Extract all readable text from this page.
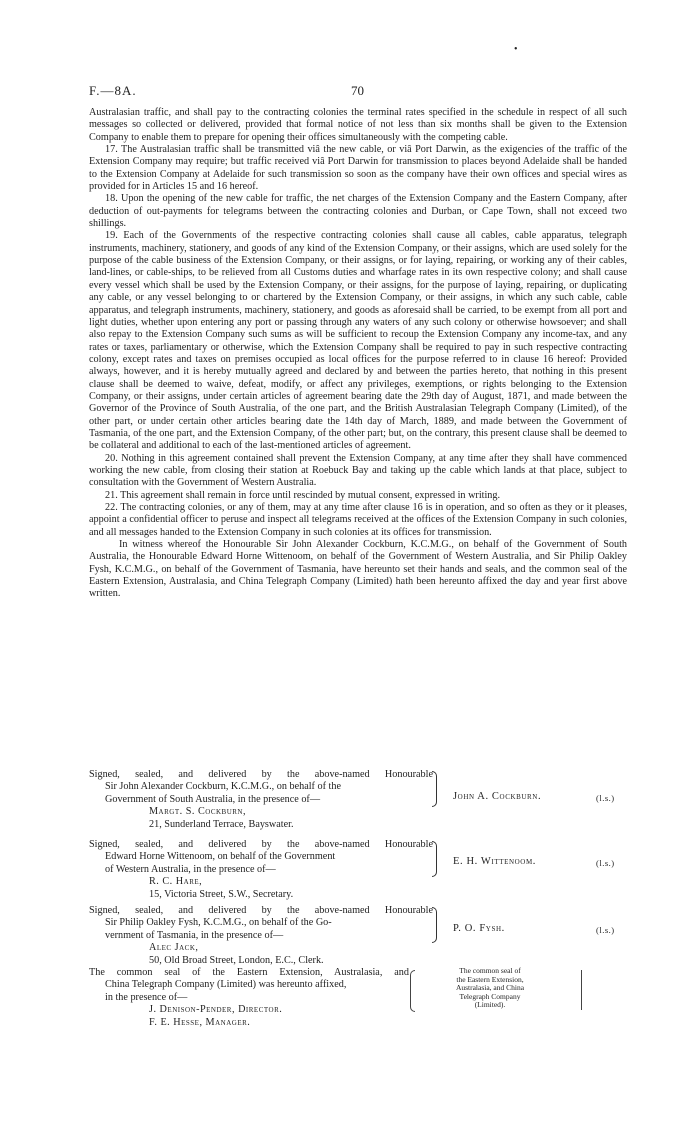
•
F.—8A.	70

Australasian traffic, and shall pay to the contracting colonies the terminal rates specified in the schedule in respect of all such messages so collected or delivered, provided that formal notice of not less than six months shall be given to the Extension Company to enable them to prepare for opening their offices simultaneously with the competing cable.

17. The Australasian traffic shall be transmitted viâ the new cable, or viâ Port Darwin, as the exigencies of the traffic of the Extension Company may require; but traffic received viâ Port Darwin for transmission to places beyond Adelaide shall be handed to the Extension Company at Adelaide for such transmission so soon as the company have their own offices and special wires as provided for in Articles 15 and 16 hereof.

18. Upon the opening of the new cable for traffic, the net charges of the Extension Company and the Eastern Company, after deduction of out-payments for telegrams between the contracting colonies and Durban, or Cape Town, shall not exceed two shillings.

19. Each of the Governments of the respective contracting colonies shall cause all cables, cable apparatus, telegraph instruments, machinery, stationery, and goods of any kind of the Extension Company, or their assigns, which are used solely for the purpose of the cable business of the Extension Company, or their assigns, or for laying, repairing, or working any of their cables, land-lines, or cable-ships, to be relieved from all Customs duties and wharfage rates in its own respective colony; and shall cause every vessel which shall be used by the Extension Company, or their assigns, for the purpose of laying, repairing, or duplicating any cable, or any vessel belonging to or chartered by the Extension Company, or their assigns, in which any such cable, cable apparatus, and telegraph instruments, machinery, stationery, and goods as aforesaid shall be carried, to be exempt from all port and light duties, whether upon entering any port or passing through any waters of any such colony or otherwise howsoever; and shall also repay to the Extension Company such sums as will be sufficient to recoup the Extension Company any income-tax, and any rates or taxes, parliamentary or otherwise, which the Extension Company shall be required to pay in such respective contracting colony, except rates and taxes on premises occupied as local offices for the purpose referred to in clause 16 hereof: Provided always, however, and it is hereby mutually agreed and declared by and between the parties hereto, that nothing in this present clause shall be deemed to waive, defeat, modify, or affect any privileges, exemptions, or rights belonging to the Extension Company, or their assigns, under certain articles of agreement bearing date the 29th day of August, 1871, and made between the Governor of the Province of South Australia, of the one part, and the British Australasian Telegraph Company (Limited), of the other part, or under certain other articles bearing date the 14th day of March, 1889, and made between the Government of Tasmania, of the one part, and the Extension Company, of the other part; but, on the contrary, this present clause shall be deemed to be collateral and additional to each of the last-mentioned articles of agreement.

20. Nothing in this agreement contained shall prevent the Extension Company, at any time after they shall have commenced working the new cable, from closing their station at Roebuck Bay and taking up the cable which lands at that place, subject to consultation with the Government of Western Australia.

21. This agreement shall remain in force until rescinded by mutual consent, expressed in writing.

22. The contracting colonies, or any of them, may at any time after clause 16 is in operation, and so often as they or it pleases, appoint a confidential officer to peruse and inspect all telegrams received at the offices of the Extension Company in such colonies, and all messages handed to the Extension Company in such colonies at its offices for transmission.

In witness whereof the Honourable Sir John Alexander Cockburn, K.C.M.G., on behalf of the Government of South Australia, the Honourable Edward Horne Wittenoom, on behalf of the Government of Western Australia, and Sir Philip Oakley Fysh, K.C.M.G., on behalf of the Government of Tasmania, have hereunto set their hands and seals, and the common seal of the Eastern Extension, Australasia, and China Telegraph Company (Limited) hath been hereunto affixed the day and year first above written.

Signed, sealed, and delivered by the above-named Honourable
Sir John Alexander Cockburn, K.C.M.G., on behalf of the
Government of South Australia, in the presence of—
Margt. S. Cockburn,
21, Sunderland Terrace, Bayswater.
John A. Cockburn.	(l.s.)
Signed, sealed, and delivered by the above-named Honourable
Edward Horne Wittenoom, on behalf of the Government
of Western Australia, in the presence of—
R. C. Hare,
15, Victoria Street, S.W., Secretary.
E. H. Wittenoom.	(l.s.)
Signed, sealed, and delivered by the above-named Honourable
Sir Philip Oakley Fysh, K.C.M.G., on behalf of the Go-
vernment of Tasmania, in the presence of—
Alec Jack,
50, Old Broad Street, London, E.C., Clerk.
P. O. Fysh.	(l.s.)
The common seal of the Eastern Extension, Australasia, and
China Telegraph Company (Limited) was hereunto affixed,
in the presence of—
J. Denison-Pender, Director.
F. E. Hesse, Manager.
The common seal of
the Eastern Extension,
Australasia, and China
Telegraph Company
(Limited).
